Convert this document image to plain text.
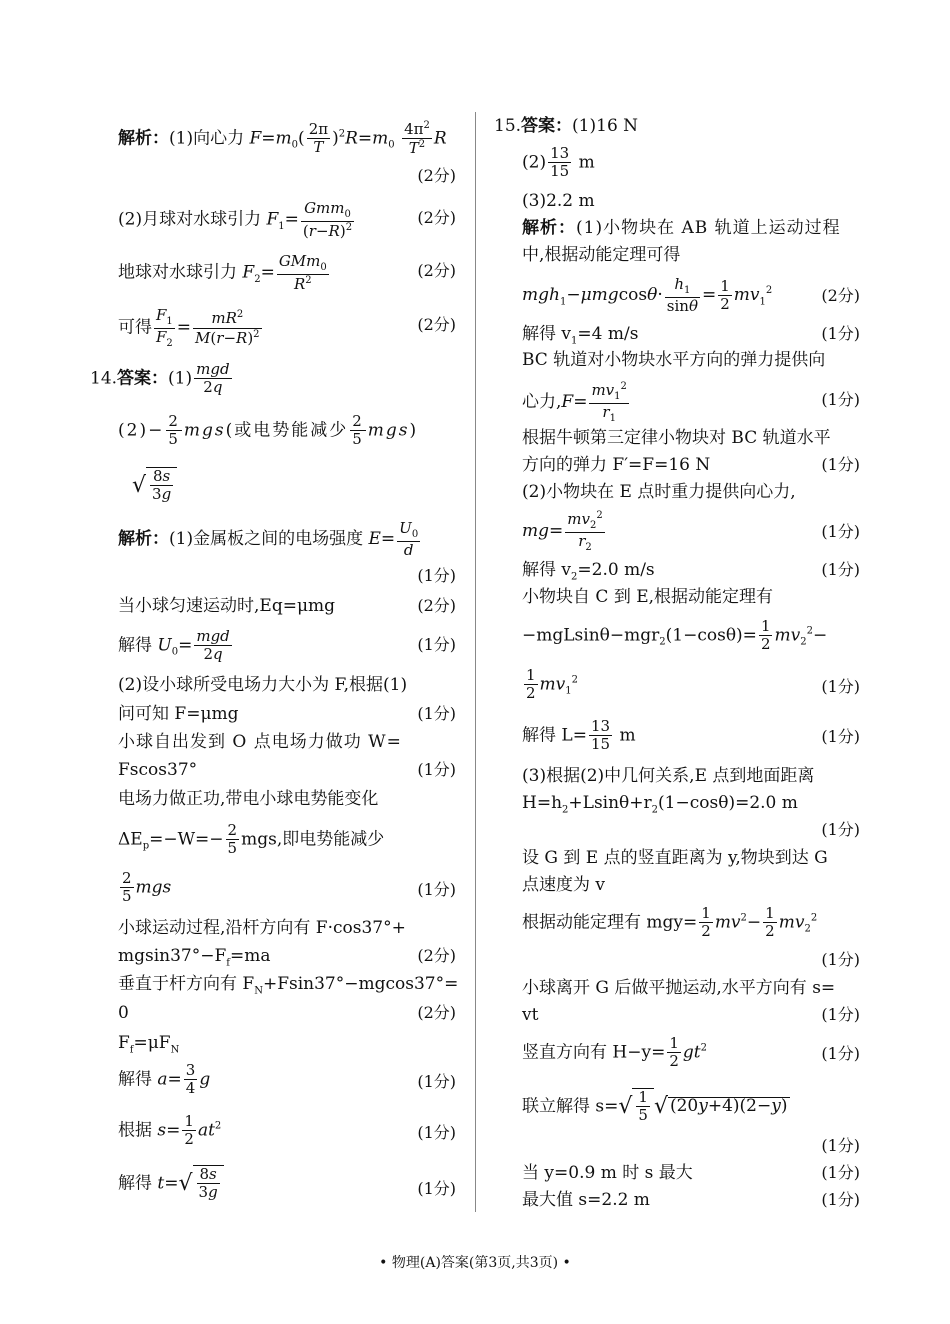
解析：(1)向心力 $F=m_0( \frac{2\pi}{T} )^2R=m_0 \frac{4\pi^2}{T^2}$ R
(2分)
(2)月球对水球引力 $F_1= \frac{Gmm_0}{(r-R)^2}$	(2分)
地球对水球引力 $F_2= \frac{GMm_0}{R^2}$	(2分)
可得 $\frac{F_1}{F_2} = \frac{mR^2}{M(r-R)^2}$	(2分)
14.答案：$(1) \frac{\text{mgd}}{2q}$
$(2)- \frac{2}{5} mgs$(或电势能减少 $\frac{2}{5} mgs$)
√ $\frac{8s}{3g}$
解析：(1)金属板之间的电场强度 $E= \frac{U_0}{d}$
(1分)
当小球匀速运动时,Eq=μmg	(2分)
解得 $U_0= \frac{\text{mgd}}{2q}$	(1分)
(2)设小球所受电场力大小为 F,根据(1)
问可知 F=μmg	(1分)
小球自出发到 O 点电场力做功 W=
Fscos37°	(1分)
电场力做正功,带电小球电势能变化
$\Delta E_p=-W=- \frac{2}{5}$ mgs,即电势能减少
$\frac{2}{5}$ mgs	(1分)
小球运动过程,沿杆方向有 F·cos37°+
$mgsin37^\circ-F_f=ma$	(2分)
垂直于杆方向有 $F_N+Fsin37^\circ-mgcos37^\circ=$
0	(2分)
$F_f=\mu F_N$
解得 $a= \frac{3}{4}$ g	(1分)
根据 $s= \frac{1}{2} at^2$	(1分)
解得 $t=√ \frac{8s}{3g}$	(1分)
15.答案：(1)16 N
$(2) \frac{13}{15}$ m
(3)2.2 m
解析：(1)小物块在 AB 轨道上运动过程
中,根据动能定理可得
$mgh_1-\mu mgcos\theta\cdot \frac{h_1}{\sin\theta} = \frac{1}{2} mv_1^2$	(2分)
解得 $v_1=4$ m/s	(1分)
BC 轨道对小物块水平方向的弹力提供向
心力$,F= \frac{mv_1^2}{r_1}$	(1分)
根据牛顿第三定律小物块对 BC 轨道水平
方向的弹力 F′=F=16 N	(1分)
(2)小物块在 E 点时重力提供向心力,
$mg= \frac{mv_2^2}{r_2}$	(1分)
解得 $v_2=2.0$ m/s	(1分)
小物块自 C 到 E,根据动能定理有
$-mgLsin\theta-mgr_2(1-\cos\theta)= \frac{1}{2} mv_2^2-$
$\frac{1}{2} mv_1^2$	(1分)
解得 $L= \frac{13}{15}$ m	(1分)
(3)根据(2)中几何关系,E 点到地面距离
$H=h_2+Lsin\theta+r_2(1-\cos\theta)=2.0$ m
(1分)
设 G 到 E 点的竖直距离为 y,物块到达 G
点速度为 v
根据动能定理有 $mgy= \frac{1}{2} mv^2- \frac{1}{2} mv_2^2$
(1分)
小球离开 G 后做平抛运动,水平方向有 s=
vt	(1分)
竖直方向有 $H-y= \frac{1}{2} gt^2$	(1分)
联立解得 $s=√ \frac{1}{5}$ √ (20y+4)(2−y)
(1分)
当 y=0.9 m 时 s 最大	(1分)
最大值 s=2.2 m	(1分)
• 物理(A)答案(第3页,共3页) •
